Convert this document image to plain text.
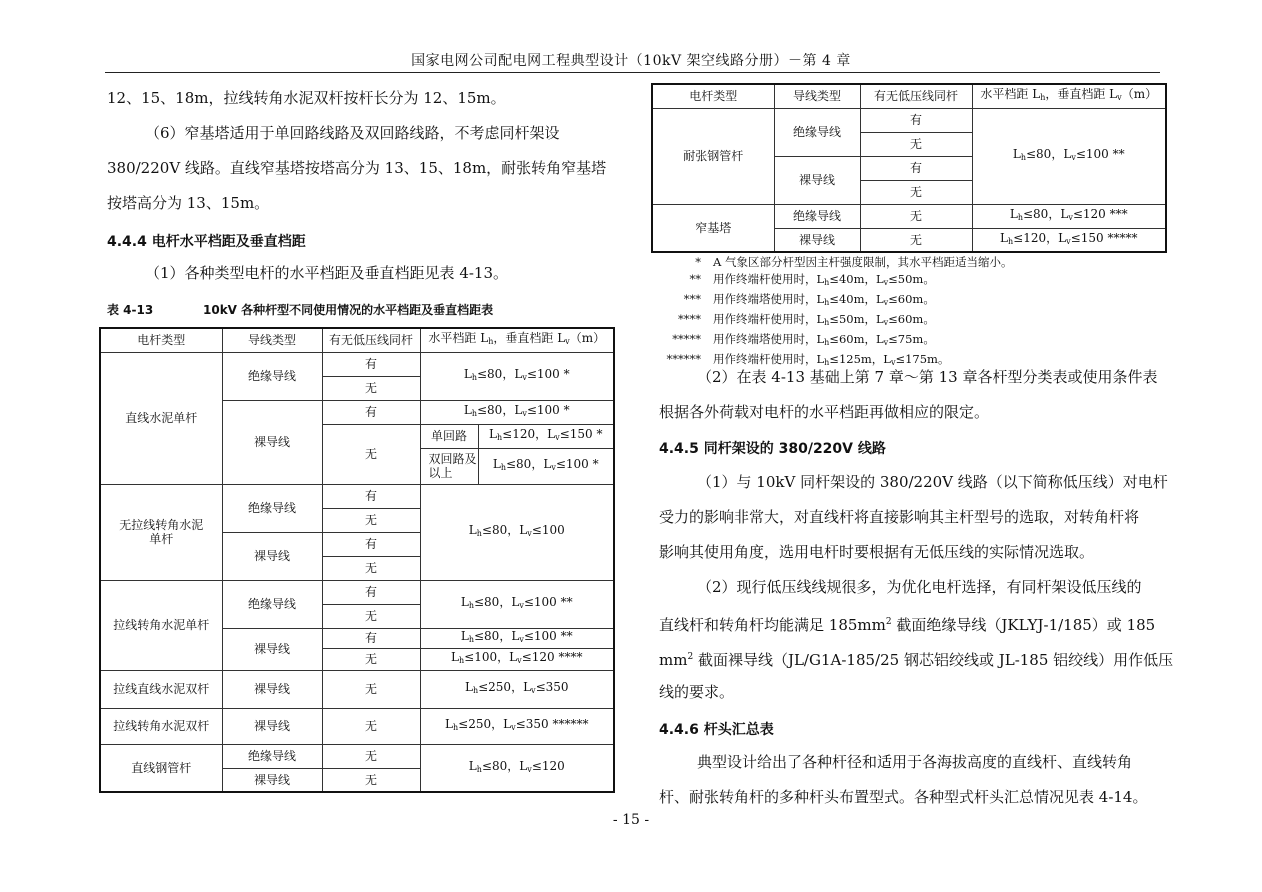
国家电网公司配电网工程典型设计（10kV 架空线路分册）－第 4 章
12、15、18m，拉线转角水泥双杆按杆长分为 12、15m。
（6）窄基塔适用于单回路线路及双回路线路，不考虑同杆架设
380/220V 线路。直线窄基塔按塔高分为 13、15、18m，耐张转角窄基塔
按塔高分为 13、15m。
4.4.4 电杆水平档距及垂直档距
（1）各种类型电杆的水平档距及垂直档距见表 4-13。
表 4-13	10kV 各种杆型不同使用情况的水平档距及垂直档距表
电杆类型	导线类型	有无低压线同杆	水平档距 $L_h$，垂直档距 $L_v(m)$	
直线水泥单杆	绝缘导线	有	$L_h\le 80$，$L_v\le 100$ *	
		无		
	裸导线	有	$L_h\le 80$，$L_v\le 100$ *	
		无	单回路	$L_h\le 120$，$L_v\le 150$ *
			双回路及以上	$L_h\le 80$，$L_v\le 100$ *
无拉线转角水泥单杆	绝缘导线	有	$L_h\le 80$，$L_v\le 100$	
		无		
	裸导线	有		
		无		
拉线转角水泥单杆	绝缘导线	有	$L_h\le 80$，$L_v\le 100$ **	
		无		
	裸导线	有	$L_h\le 80$，$L_v\le 100$ **	
		无	$L_h\le 100$，$L_v\le 120$ ****	
拉线直线水泥双杆	裸导线	无	$L_h\le 250$，$L_v\le 350$	
拉线转角水泥双杆	裸导线	无	$L_h\le 250$，$L_v\le 350$ ******	
直线钢管杆	绝缘导线	无	$L_h\le 80$，$L_v\le 120$	
	裸导线	无		
电杆类型	导线类型	有无低压线同杆	水平档距 $L_h$，垂直档距 $L_v(m)$
耐张钢管杆	绝缘导线	有	$L_h\le 80$，$L_v\le 100$ **
		无	
	裸导线	有	
		无	
窄基塔	绝缘导线	无	$L_h\le 80$，$L_v\le 120$ ***
	裸导线	无	$L_h\le 120$，$L_v\le 150$ *****
* A 气象区部分杆型因主杆强度限制，其水平档距适当缩小。
** 用作终端杆使用时，$L_h\le 40m$，$L_v\le 50m$。
*** 用作终端塔使用时，$L_h\le 40m$，$L_v\le 60m$。
**** 用作终端杆使用时，$L_h\le 50m$，$L_v\le 60m$。
***** 用作终端塔使用时，$L_h\le 60m$，$L_v\le 75m$。
****** 用作终端杆使用时，$L_h\le 125m$，$L_v\le 175m$。
（2）在表 4-13 基础上第 7 章～第 13 章各杆型分类表或使用条件表
根据各外荷载对电杆的水平档距再做相应的限定。
4.4.5 同杆架设的 380/220V 线路
（1）与 10kV 同杆架设的 380/220V 线路（以下简称低压线）对电杆
受力的影响非常大，对直线杆将直接影响其主杆型号的选取，对转角杆将
影响其使用角度，选用电杆时要根据有无低压线的实际情况选取。
（2）现行低压线线规很多，为优化电杆选择，有同杆架设低压线的
直线杆和转角杆均能满足 $185mm^2$ 截面绝缘导线（JKLYJ-1/185）或 185
$mm^2$ 截面裸导线（JL/G1A-185/25 钢芯铝绞线或 JL-185 铝绞线）用作低压
线的要求。
4.4.6 杆头汇总表
典型设计给出了各种杆径和适用于各海拔高度的直线杆、直线转角
杆、耐张转角杆的多种杆头布置型式。各种型式杆头汇总情况见表 4-14。
- 15 -
